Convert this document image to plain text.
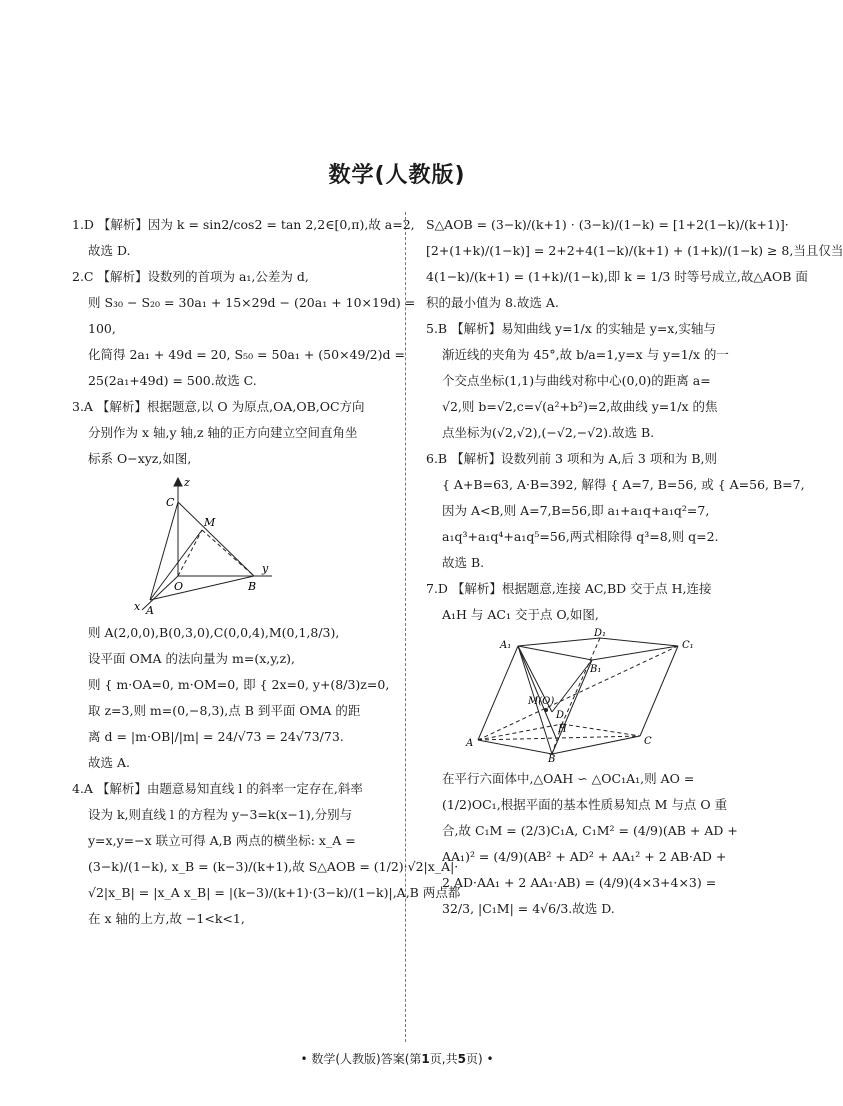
数学(人教版)
1.D 【解析】因为 k = sin2/cos2 = tan 2,2∈[0,π),故 a=2,
故选 D.
2.C 【解析】设数列的首项为 a₁,公差为 d,
则 S₃₀ − S₂₀ = 30a₁ + 15×29d − (20a₁ + 10×19d) =
100,
化简得 2a₁ + 49d = 20, S₅₀ = 50a₁ + (50×49/2)d =
25(2a₁+49d) = 500.故选 C.
3.A 【解析】根据题意,以 O 为原点,OA,OB,OC方向
分别作为 x 轴,y 轴,z 轴的正方向建立空间直角坐
标系 O−xyz,如图,
z
C
M
y
O	B
x A
则 A(2,0,0),B(0,3,0),C(0,0,4),M(0,1,8/3),
设平面 OMA 的法向量为 m=(x,y,z),
则 { m·OA=0, m·OM=0, 即 { 2x=0, y+(8/3)z=0,
取 z=3,则 m=(0,−8,3),点 B 到平面 OMA 的距
离 d = |m·OB|/|m| = 24/√73 = 24√73/73.
故选 A.
4.A 【解析】由题意易知直线 l 的斜率一定存在,斜率
设为 k,则直线 l 的方程为 y−3=k(x−1),分别与
y=x,y=−x 联立可得 A,B 两点的横坐标: x_A =
(3−k)/(1−k), x_B = (k−3)/(k+1),故 S△AOB = (1/2)·√2|x_A|·
√2|x_B| = |x_A x_B| = |(k−3)/(k+1)·(3−k)/(1−k)|,A,B 两点都
在 x 轴的上方,故 −1<k<1,
S△AOB = (3−k)/(k+1) · (3−k)/(1−k) = [1+2(1−k)/(k+1)]·
[2+(1+k)/(1−k)] = 2+2+4(1−k)/(k+1) + (1+k)/(1−k) ≥ 8,当且仅当
4(1−k)/(k+1) = (1+k)/(1−k),即 k = 1/3 时等号成立,故△AOB 面
积的最小值为 8.故选 A.
5.B 【解析】易知曲线 y=1/x 的实轴是 y=x,实轴与
渐近线的夹角为 45°,故 b/a=1,y=x 与 y=1/x 的一
个交点坐标(1,1)与曲线对称中心(0,0)的距离 a=
√2,则 b=√2,c=√(a²+b²)=2,故曲线 y=1/x 的焦
点坐标为(√2,√2),(−√2,−√2).故选 B.
6.B 【解析】设数列前 3 项和为 A,后 3 项和为 B,则
{ A+B=63, A·B=392, 解得 { A=7, B=56, 或 { A=56, B=7,
因为 A<B,则 A=7,B=56,即 a₁+a₁q+a₁q²=7,
a₁q³+a₁q⁴+a₁q⁵=56,两式相除得 q³=8,则 q=2.
故选 B.
7.D 【解析】根据题意,连接 AC,BD 交于点 H,连接
A₁H 与 AC₁ 交于点 O,如图,
D₁
A₁	C₁
B₁
M(O)
D
H
A	C
B
在平行六面体中,△OAH ∽ △OC₁A₁,则 AO =
(1/2)OC₁,根据平面的基本性质易知点 M 与点 O 重
合,故 C₁M = (2/3)C₁A, C₁M² = (4/9)(AB + AD +
AA₁)² = (4/9)(AB² + AD² + AA₁² + 2 AB·AD +
2 AD·AA₁ + 2 AA₁·AB) = (4/9)(4×3+4×3) =
32/3, |C₁M| = 4√6/3.故选 D.
• 数学(人教版)答案(第1页,共5页) •
